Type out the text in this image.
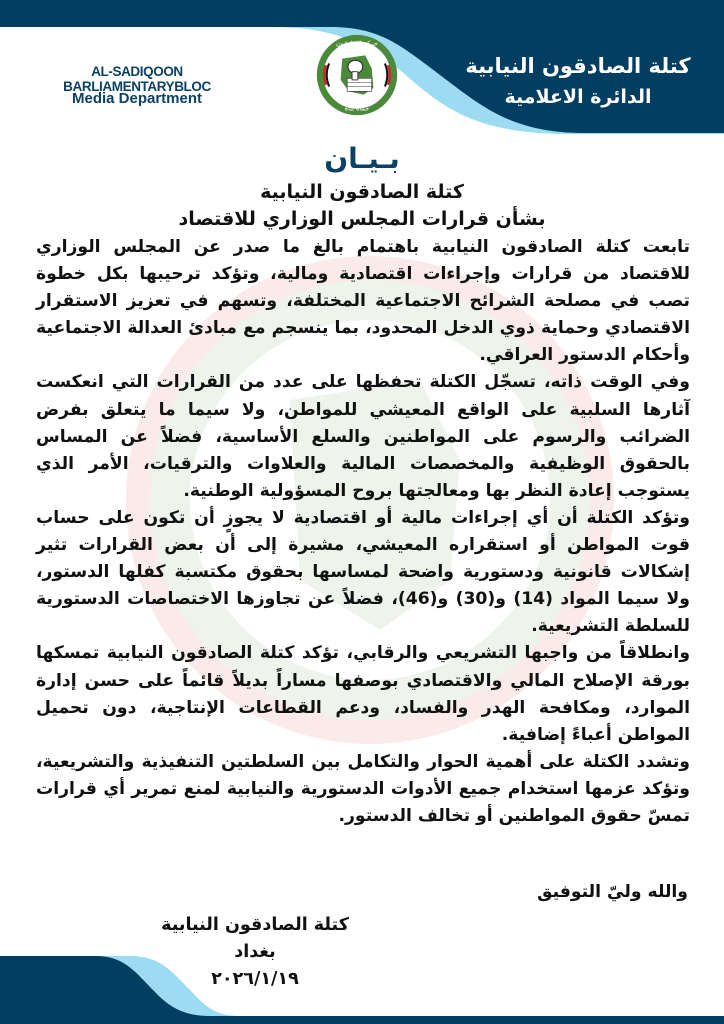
AL-SADIQOON BARLIAMENTARYBLOC
Media Department
كتلة الصادقون النيابية
الدائرة الاعلامية
حركة الصادقون
حماة بناة
بـيـان
كتلة الصادقون النيابية
بشأن قرارات المجلس الوزاري للاقتصاد

تابعت كتلة الصادقون النيابية باهتمام بالغ ما صدر عن المجلس الوزاري للاقتصاد من قرارات وإجراءات اقتصادية ومالية، وتؤكد ترحيبها بكل خطوة تصب في مصلحة الشرائح الاجتماعية المختلفة، وتسهم في تعزيز الاستقرار الاقتصادي وحماية ذوي الدخل المحدود، بما ينسجم مع مبادئ العدالة الاجتماعية وأحكام الدستور العراقي.

وفي الوقت ذاته، تسجّل الكتلة تحفظها على عدد من القرارات التي انعكست آثارها السلبية على الواقع المعيشي للمواطن، ولا سيما ما يتعلق بفرض الضرائب والرسوم على المواطنين والسلع الأساسية، فضلاً عن المساس بالحقوق الوظيفية والمخصصات المالية والعلاوات والترقيات، الأمر الذي يستوجب إعادة النظر بها ومعالجتها بروح المسؤولية الوطنية.

وتؤكد الكتلة أن أي إجراءات مالية أو اقتصادية لا يجوزٍ أن تكون على حساب قوت المواطن أو استقراره المعيشي، مشيرة إلى أن بعض القرارات تثير إشكالات قانونية ودستورية واضحة لمساسها بحقوق مكتسبة كفلها الدستور، ولا سيما المواد (14) و(30) و(46)، فضلاً عن تجاوزها الاختصاصات الدستورية للسلطة التشريعية.

وانطلاقاً من واجبها التشريعي والرقابي، تؤكد كتلة الصادقون النيابية تمسكها بورقة الإصلاح المالي والاقتصادي بوصفها مساراً بديلاً قائماً على حسن إدارة الموارد، ومكافحة الهدر والفساد، ودعم القطاعات الإنتاجية، دون تحميل المواطن أعباءً إضافية.

وتشدد الكتلة على أهمية الحوار والتكامل بين السلطتين التنفيذية والتشريعية، وتؤكد عزمها استخدام جميع الأدوات الدستورية والنيابية لمنع تمرير أي قرارات تمسّ حقوق المواطنين أو تخالف الدستور.

والله وليّ التوفيق
كتلة الصادقون النيابية
بغداد
٢٠٢٦/١/١٩
